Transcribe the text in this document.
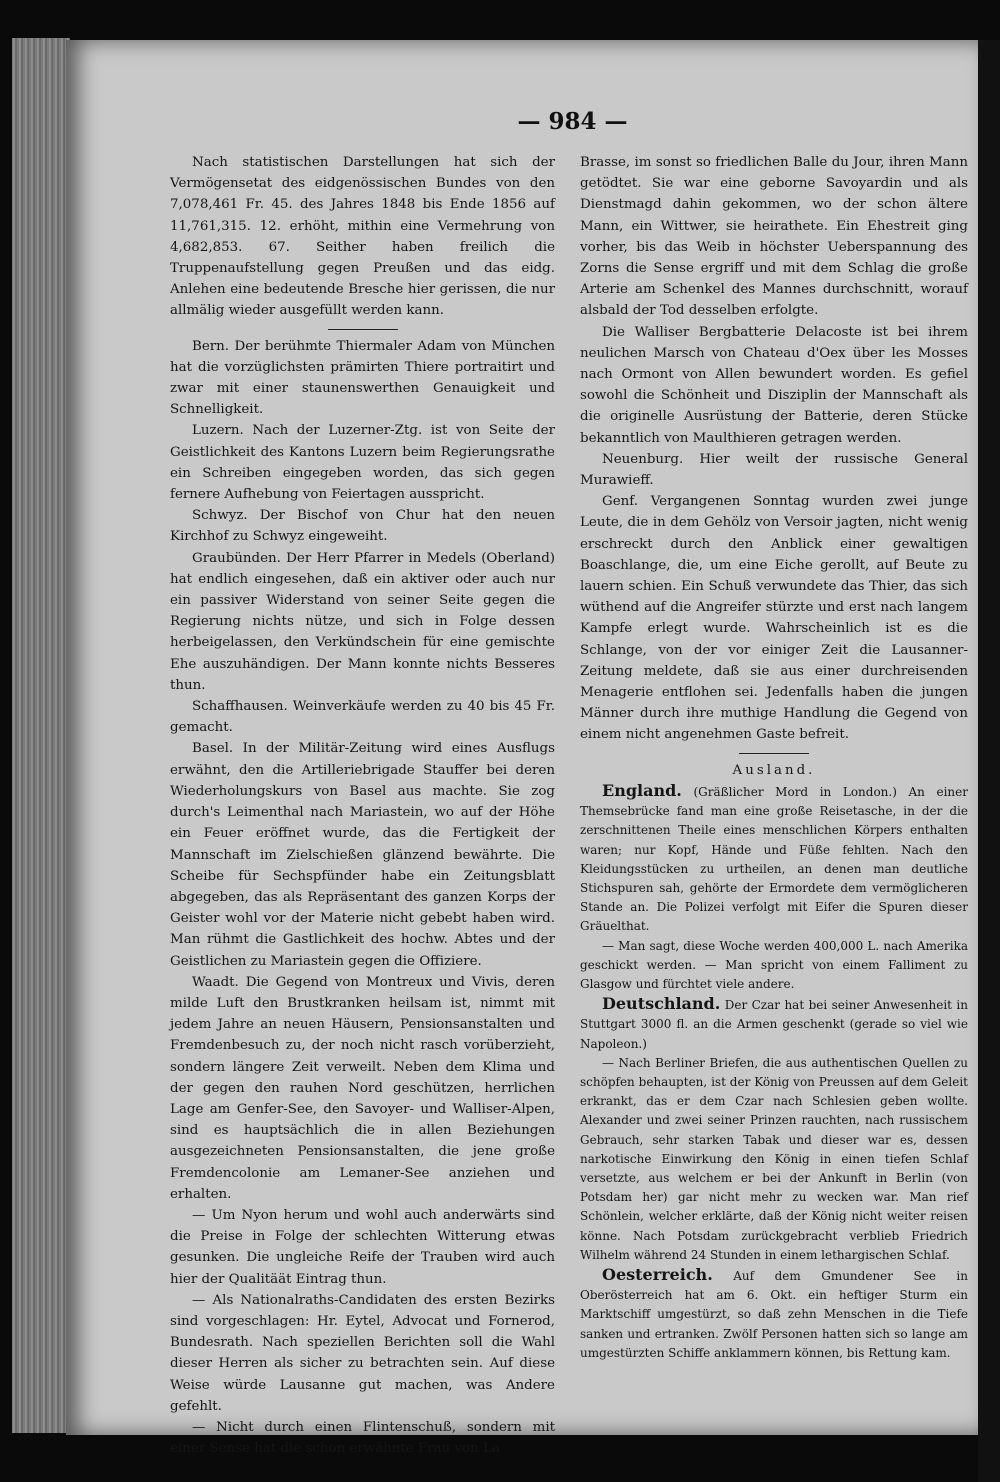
— 984 —

Nach statistischen Darstellungen hat sich der Vermögensetat des eidgenössischen Bundes von den 7,078,461 Fr. 45. des Jahres 1848 bis Ende 1856 auf 11,761,315. 12. erhöht, mithin eine Vermehrung von 4,682,853. 67. Seither haben freilich die Truppenaufstellung gegen Preußen und das eidg. Anlehen eine bedeutende Bresche hier gerissen, die nur allmälig wieder ausgefüllt werden kann.

Bern. Der berühmte Thiermaler Adam von München hat die vorzüglichsten prämirten Thiere portraitirt und zwar mit einer staunenswerthen Genauigkeit und Schnelligkeit.

Luzern. Nach der Luzerner-Ztg. ist von Seite der Geistlichkeit des Kantons Luzern beim Regierungsrathe ein Schreiben eingegeben worden, das sich gegen fernere Aufhebung von Feiertagen ausspricht.

Schwyz. Der Bischof von Chur hat den neuen Kirchhof zu Schwyz eingeweiht.

Graubünden. Der Herr Pfarrer in Medels (Oberland) hat endlich eingesehen, daß ein aktiver oder auch nur ein passiver Widerstand von seiner Seite gegen die Regierung nichts nütze, und sich in Folge dessen herbeigelassen, den Verkündschein für eine gemischte Ehe auszuhändigen. Der Mann konnte nichts Besseres thun.

Schaffhausen. Weinverkäufe werden zu 40 bis 45 Fr. gemacht.

Basel. In der Militär-Zeitung wird eines Ausflugs erwähnt, den die Artilleriebrigade Stauffer bei deren Wiederholungskurs von Basel aus machte. Sie zog durch's Leimenthal nach Mariastein, wo auf der Höhe ein Feuer eröffnet wurde, das die Fertigkeit der Mannschaft im Zielschießen glänzend bewährte. Die Scheibe für Sechspfünder habe ein Zeitungsblatt abgegeben, das als Repräsentant des ganzen Korps der Geister wohl vor der Materie nicht gebebt haben wird. Man rühmt die Gastlichkeit des hochw. Abtes und der Geistlichen zu Mariastein gegen die Offiziere.

Waadt. Die Gegend von Montreux und Vivis, deren milde Luft den Brustkranken heilsam ist, nimmt mit jedem Jahre an neuen Häusern, Pensionsanstalten und Fremdenbesuch zu, der noch nicht rasch vorüberzieht, sondern längere Zeit verweilt. Neben dem Klima und der gegen den rauhen Nord geschützen, herrlichen Lage am Genfer-See, den Savoyer- und Walliser-Alpen, sind es hauptsächlich die in allen Beziehungen ausgezeichneten Pensionsanstalten, die jene große Fremdencolonie am Lemaner-See anziehen und erhalten.

— Um Nyon herum und wohl auch anderwärts sind die Preise in Folge der schlechten Witterung etwas gesunken. Die ungleiche Reife der Trauben wird auch hier der Qualitäät Eintrag thun.

— Als Nationalraths-Candidaten des ersten Bezirks sind vorgeschlagen: Hr. Eytel, Advocat und Fornerod, Bundesrath. Nach speziellen Berichten soll die Wahl dieser Herren als sicher zu betrachten sein. Auf diese Weise würde Lausanne gut machen, was Andere gefehlt.

— Nicht durch einen Flintenschuß, sondern mit einer Sense hat die schon erwähnte Frau von La

Brasse, im sonst so friedlichen Balle du Jour, ihren Mann getödtet. Sie war eine geborne Savoyardin und als Dienstmagd dahin gekommen, wo der schon ältere Mann, ein Wittwer, sie heirathete. Ein Ehestreit ging vorher, bis das Weib in höchster Ueberspannung des Zorns die Sense ergriff und mit dem Schlag die große Arterie am Schenkel des Mannes durchschnitt, worauf alsbald der Tod desselben erfolgte.

Die Walliser Bergbatterie Delacoste ist bei ihrem neulichen Marsch von Chateau d'Oex über les Mosses nach Ormont von Allen bewundert worden. Es gefiel sowohl die Schönheit und Disziplin der Mannschaft als die originelle Ausrüstung der Batterie, deren Stücke bekanntlich von Maulthieren getragen werden.

Neuenburg. Hier weilt der russische General Murawieff.

Genf. Vergangenen Sonntag wurden zwei junge Leute, die in dem Gehölz von Versoir jagten, nicht wenig erschreckt durch den Anblick einer gewaltigen Boaschlange, die, um eine Eiche gerollt, auf Beute zu lauern schien. Ein Schuß verwundete das Thier, das sich wüthend auf die Angreifer stürzte und erst nach langem Kampfe erlegt wurde. Wahrscheinlich ist es die Schlange, von der vor einiger Zeit die Lausanner-Zeitung meldete, daß sie aus einer durchreisenden Menagerie entflohen sei. Jedenfalls haben die jungen Männer durch ihre muthige Handlung die Gegend von einem nicht angenehmen Gaste befreit.

Ausland.

England. (Gräßlicher Mord in London.) An einer Themsebrücke fand man eine große Reisetasche, in der die zerschnittenen Theile eines menschlichen Körpers enthalten waren; nur Kopf, Hände und Füße fehlten. Nach den Kleidungsstücken zu urtheilen, an denen man deutliche Stichspuren sah, gehörte der Ermordete dem vermöglicheren Stande an. Die Polizei verfolgt mit Eifer die Spuren dieser Gräuelthat.

— Man sagt, diese Woche werden 400,000 L. nach Amerika geschickt werden. — Man spricht von einem Falliment zu Glasgow und fürchtet viele andere.

Deutschland. Der Czar hat bei seiner Anwesenheit in Stuttgart 3000 fl. an die Armen geschenkt (gerade so viel wie Napoleon.)

— Nach Berliner Briefen, die aus authentischen Quellen zu schöpfen behaupten, ist der König von Preussen auf dem Geleit erkrankt, das er dem Czar nach Schlesien geben wollte. Alexander und zwei seiner Prinzen rauchten, nach russischem Gebrauch, sehr starken Tabak und dieser war es, dessen narkotische Einwirkung den König in einen tiefen Schlaf versetzte, aus welchem er bei der Ankunft in Berlin (von Potsdam her) gar nicht mehr zu wecken war. Man rief Schönlein, welcher erklärte, daß der König nicht weiter reisen könne. Nach Potsdam zurückgebracht verblieb Friedrich Wilhelm während 24 Stunden in einem lethargischen Schlaf.

Oesterreich. Auf dem Gmundener See in Oberösterreich hat am 6. Okt. ein heftiger Sturm ein Marktschiff umgestürzt, so daß zehn Menschen in die Tiefe sanken und ertranken. Zwölf Personen hatten sich so lange am umgestürzten Schiffe anklammern können, bis Rettung kam.
